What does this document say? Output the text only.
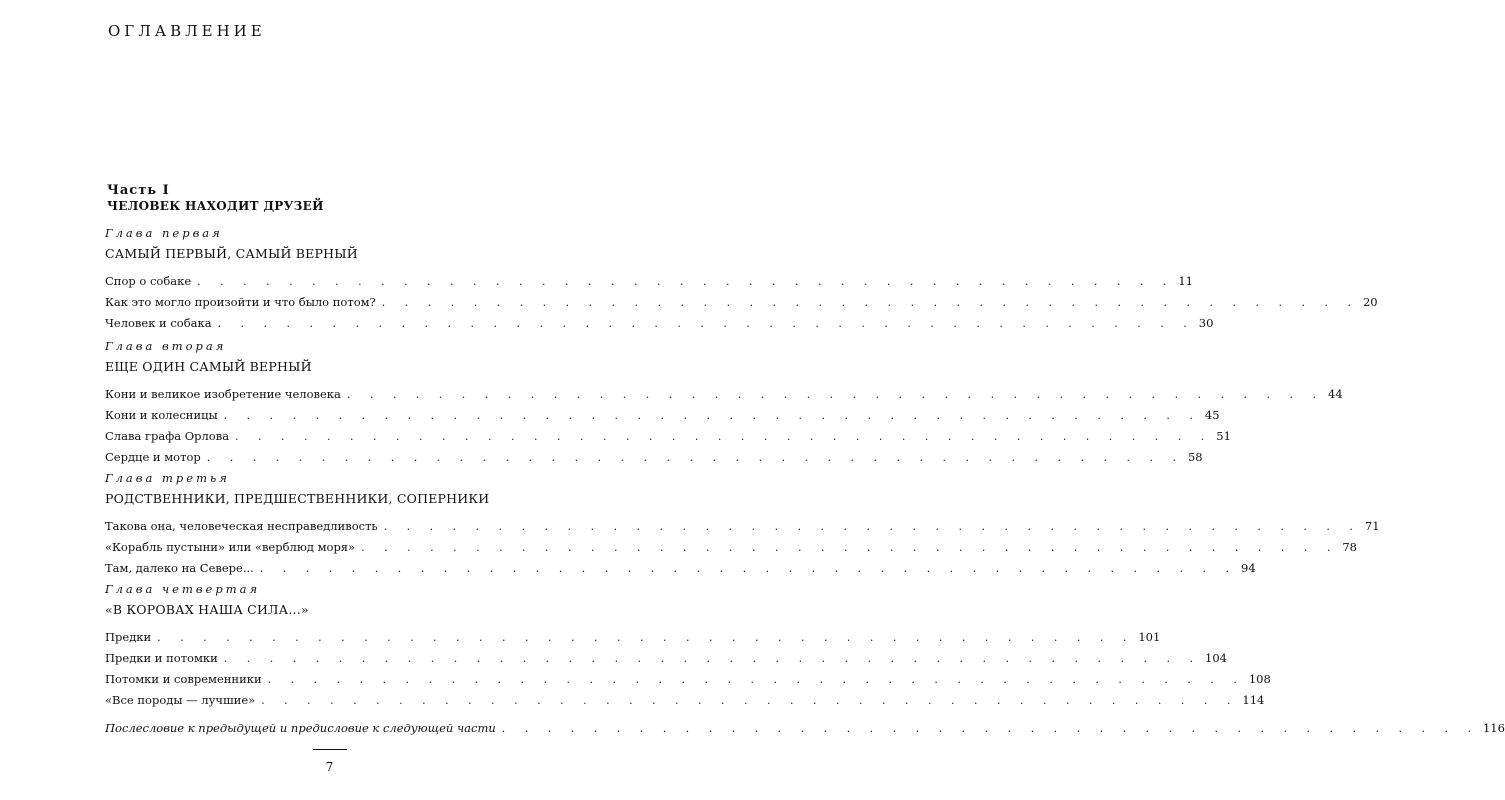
ОГЛАВЛЕНИЕ
Часть I
ЧЕЛОВЕК НАХОДИТ ДРУЗЕЙ
Глава первая
САМЫЙ ПЕРВЫЙ, САМЫЙ ВЕРНЫЙ
Спор о собаке . . . . . . . . . . . . . . . . . . . . . . . . . . . . . . . . . . . . . . . . . . . 11
Как это могло произойти и что было потом? . . . . . . . . . . . . . . . . . . . . . . . . . . . . . . . . . . . . . . . . . . . 20
Человек и собака . . . . . . . . . . . . . . . . . . . . . . . . . . . . . . . . . . . . . . . . . . . 30
Глава вторая
ЕЩЕ ОДИН САМЫЙ ВЕРНЫЙ
Кони и великое изобретение человека . . . . . . . . . . . . . . . . . . . . . . . . . . . . . . . . . . . . . . . . . . . 44
Кони и колесницы . . . . . . . . . . . . . . . . . . . . . . . . . . . . . . . . . . . . . . . . . . . 45
Слава графа Орлова . . . . . . . . . . . . . . . . . . . . . . . . . . . . . . . . . . . . . . . . . . . 51
Сердце и мотор . . . . . . . . . . . . . . . . . . . . . . . . . . . . . . . . . . . . . . . . . . . 58
Глава третья
РОДСТВЕННИКИ, ПРЕДШЕСТВЕННИКИ, СОПЕРНИКИ
Такова она, человеческая несправедливость . . . . . . . . . . . . . . . . . . . . . . . . . . . . . . . . . . . . . . . . . . . 71
«Корабль пустыни» или «верблюд моря» . . . . . . . . . . . . . . . . . . . . . . . . . . . . . . . . . . . . . . . . . . . 78
Там, далеко на Севере... . . . . . . . . . . . . . . . . . . . . . . . . . . . . . . . . . . . . . . . . . . . 94
Глава четвертая
«В КОРОВАХ НАША СИЛА...»
Предки . . . . . . . . . . . . . . . . . . . . . . . . . . . . . . . . . . . . . . . . . . . 101
Предки и потомки . . . . . . . . . . . . . . . . . . . . . . . . . . . . . . . . . . . . . . . . . . . 104
Потомки и современники . . . . . . . . . . . . . . . . . . . . . . . . . . . . . . . . . . . . . . . . . . . 108
«Все породы — лучшие» . . . . . . . . . . . . . . . . . . . . . . . . . . . . . . . . . . . . . . . . . . . 114
Послесловие к предыдущей и предисловие к следующей части . . . . . . . . . . . . . . . . . . . . . . . . . . . . . . . . . . . . . . . . . . . 116
7
